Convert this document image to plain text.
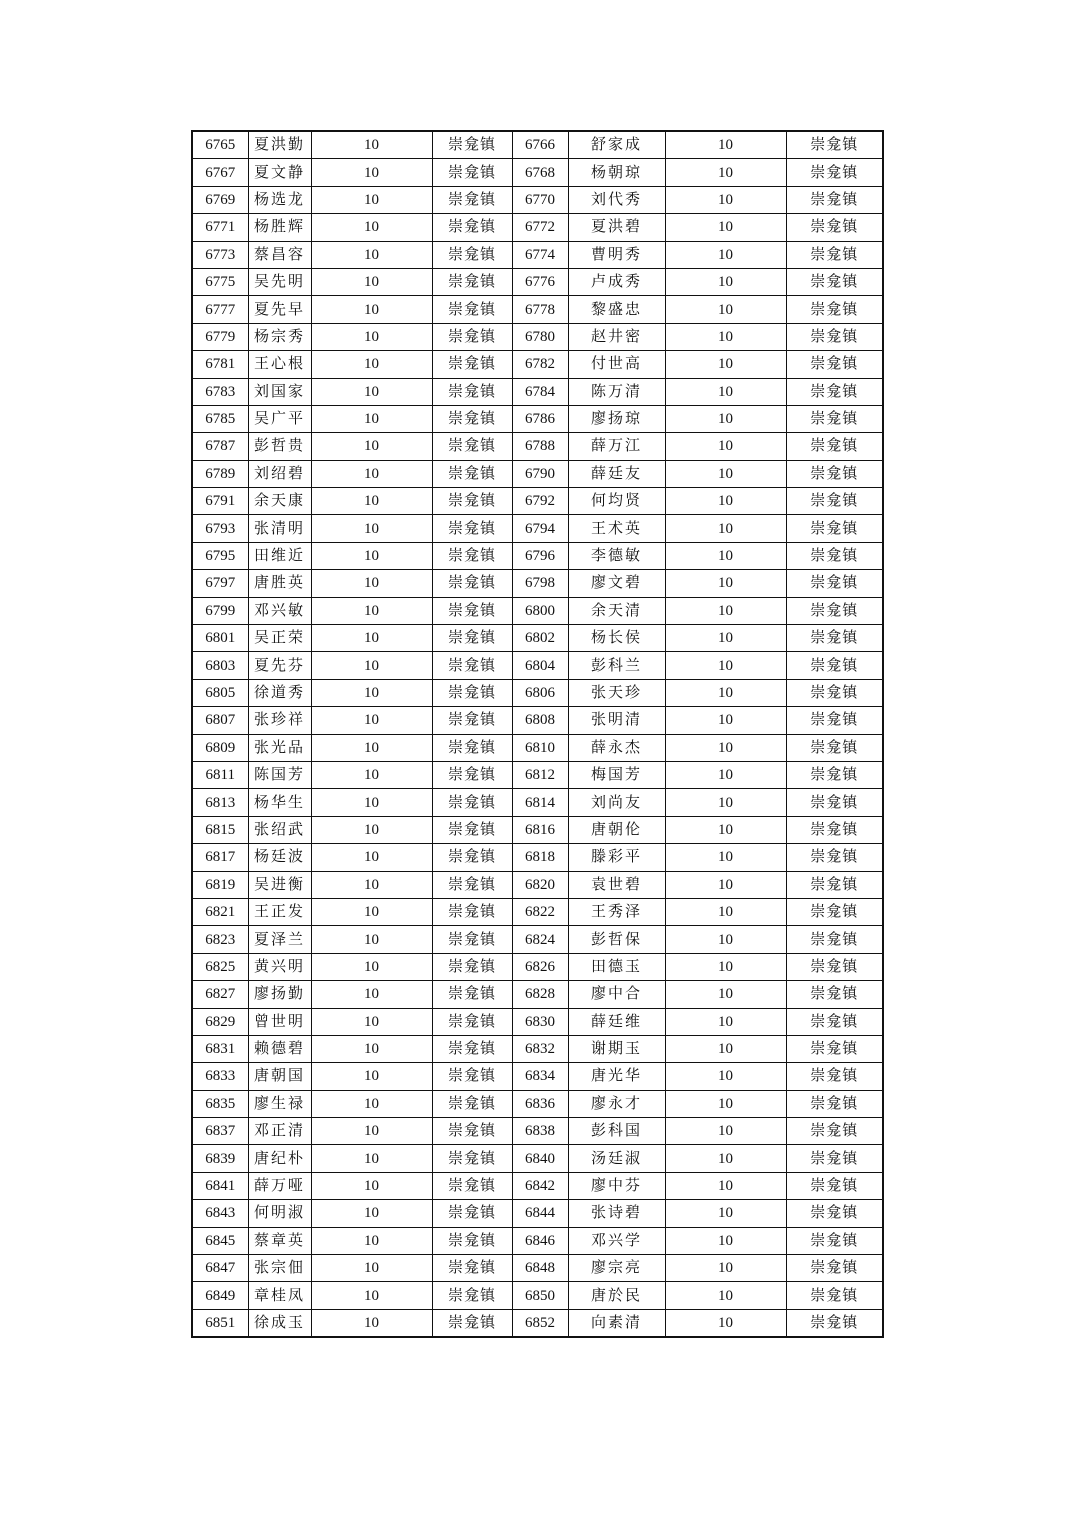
6765	夏洪勤	10	崇龛镇	6766	舒家成	10	崇龛镇
6767	夏文静	10	崇龛镇	6768	杨朝琼	10	崇龛镇
6769	杨选龙	10	崇龛镇	6770	刘代秀	10	崇龛镇
6771	杨胜辉	10	崇龛镇	6772	夏洪碧	10	崇龛镇
6773	蔡昌容	10	崇龛镇	6774	曹明秀	10	崇龛镇
6775	吴先明	10	崇龛镇	6776	卢成秀	10	崇龛镇
6777	夏先早	10	崇龛镇	6778	黎盛忠	10	崇龛镇
6779	杨宗秀	10	崇龛镇	6780	赵井密	10	崇龛镇
6781	王心根	10	崇龛镇	6782	付世高	10	崇龛镇
6783	刘国家	10	崇龛镇	6784	陈万清	10	崇龛镇
6785	吴广平	10	崇龛镇	6786	廖扬琼	10	崇龛镇
6787	彭哲贵	10	崇龛镇	6788	薛万江	10	崇龛镇
6789	刘绍碧	10	崇龛镇	6790	薛廷友	10	崇龛镇
6791	余天康	10	崇龛镇	6792	何均贤	10	崇龛镇
6793	张清明	10	崇龛镇	6794	王术英	10	崇龛镇
6795	田维近	10	崇龛镇	6796	李德敏	10	崇龛镇
6797	唐胜英	10	崇龛镇	6798	廖文碧	10	崇龛镇
6799	邓兴敏	10	崇龛镇	6800	余天清	10	崇龛镇
6801	吴正荣	10	崇龛镇	6802	杨长侯	10	崇龛镇
6803	夏先芬	10	崇龛镇	6804	彭科兰	10	崇龛镇
6805	徐道秀	10	崇龛镇	6806	张天珍	10	崇龛镇
6807	张珍祥	10	崇龛镇	6808	张明清	10	崇龛镇
6809	张光品	10	崇龛镇	6810	薛永杰	10	崇龛镇
6811	陈国芳	10	崇龛镇	6812	梅国芳	10	崇龛镇
6813	杨华生	10	崇龛镇	6814	刘尚友	10	崇龛镇
6815	张绍武	10	崇龛镇	6816	唐朝伦	10	崇龛镇
6817	杨廷波	10	崇龛镇	6818	滕彩平	10	崇龛镇
6819	吴进衡	10	崇龛镇	6820	袁世碧	10	崇龛镇
6821	王正发	10	崇龛镇	6822	王秀泽	10	崇龛镇
6823	夏泽兰	10	崇龛镇	6824	彭哲保	10	崇龛镇
6825	黄兴明	10	崇龛镇	6826	田德玉	10	崇龛镇
6827	廖扬勤	10	崇龛镇	6828	廖中合	10	崇龛镇
6829	曾世明	10	崇龛镇	6830	薛廷维	10	崇龛镇
6831	赖德碧	10	崇龛镇	6832	谢期玉	10	崇龛镇
6833	唐朝国	10	崇龛镇	6834	唐光华	10	崇龛镇
6835	廖生禄	10	崇龛镇	6836	廖永才	10	崇龛镇
6837	邓正清	10	崇龛镇	6838	彭科国	10	崇龛镇
6839	唐纪朴	10	崇龛镇	6840	汤廷淑	10	崇龛镇
6841	薛万哑	10	崇龛镇	6842	廖中芬	10	崇龛镇
6843	何明淑	10	崇龛镇	6844	张诗碧	10	崇龛镇
6845	蔡章英	10	崇龛镇	6846	邓兴学	10	崇龛镇
6847	张宗佃	10	崇龛镇	6848	廖宗亮	10	崇龛镇
6849	章桂凤	10	崇龛镇	6850	唐於民	10	崇龛镇
6851	徐成玉	10	崇龛镇	6852	向素清	10	崇龛镇
